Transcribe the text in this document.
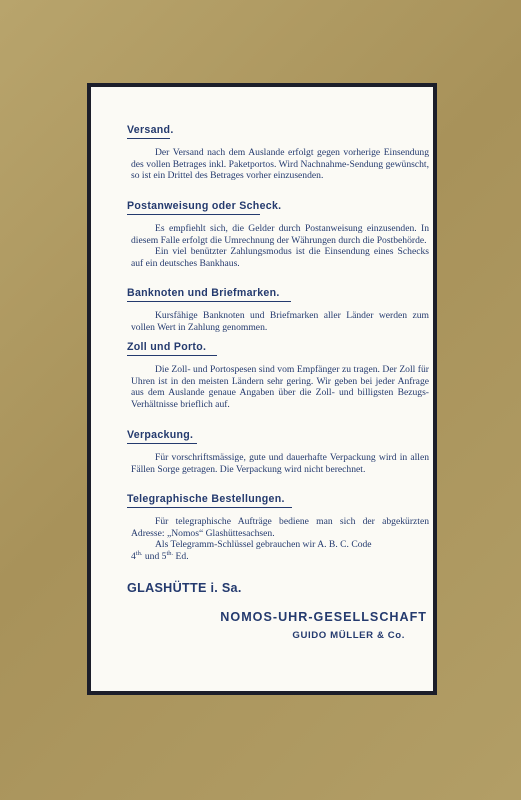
Versand.

Der Versand nach dem Auslande erfolgt gegen vorherige Einsendung des vollen Betrages inkl. Paketportos. Wird Nachnahme-Sendung gewünscht, so ist ein Drittel des Betrages vorher einzusenden.

Postanweisung oder Scheck.

Es empfiehlt sich, die Gelder durch Postanweisung einzusenden. In diesem Falle erfolgt die Umrechnung der Währungen durch die Postbehörde.

Ein viel benützter Zahlungsmodus ist die Einsendung eines Schecks auf ein deutsches Bankhaus.

Banknoten und Briefmarken.

Kursfähige Banknoten und Briefmarken aller Länder werden zum vollen Wert in Zahlung genommen.

Zoll und Porto.

Die Zoll- und Portospesen sind vom Empfänger zu tragen. Der Zoll für Uhren ist in den meisten Ländern sehr gering. Wir geben bei jeder Anfrage aus dem Auslande genaue Angaben über die Zoll- und billigsten Bezugs-Verhältnisse brieflich auf.

Verpackung.

Für vorschriftsmässige, gute und dauerhafte Verpackung wird in allen Fällen Sorge getragen. Die Verpackung wird nicht berechnet.

Telegraphische Bestellungen.

Für telegraphische Aufträge bediene man sich der abgekürzten Adresse: „Nomos“ Glashüttesachsen.

Als Telegramm-Schlüssel gebrauchen wir A. B. C. Code

$4^{th.}$ und $5^{th.}$ Ed.

GLASHÜTTE i. Sa.

NOMOS-UHR-GESELLSCHAFT

GUIDO MÜLLER & Co.
